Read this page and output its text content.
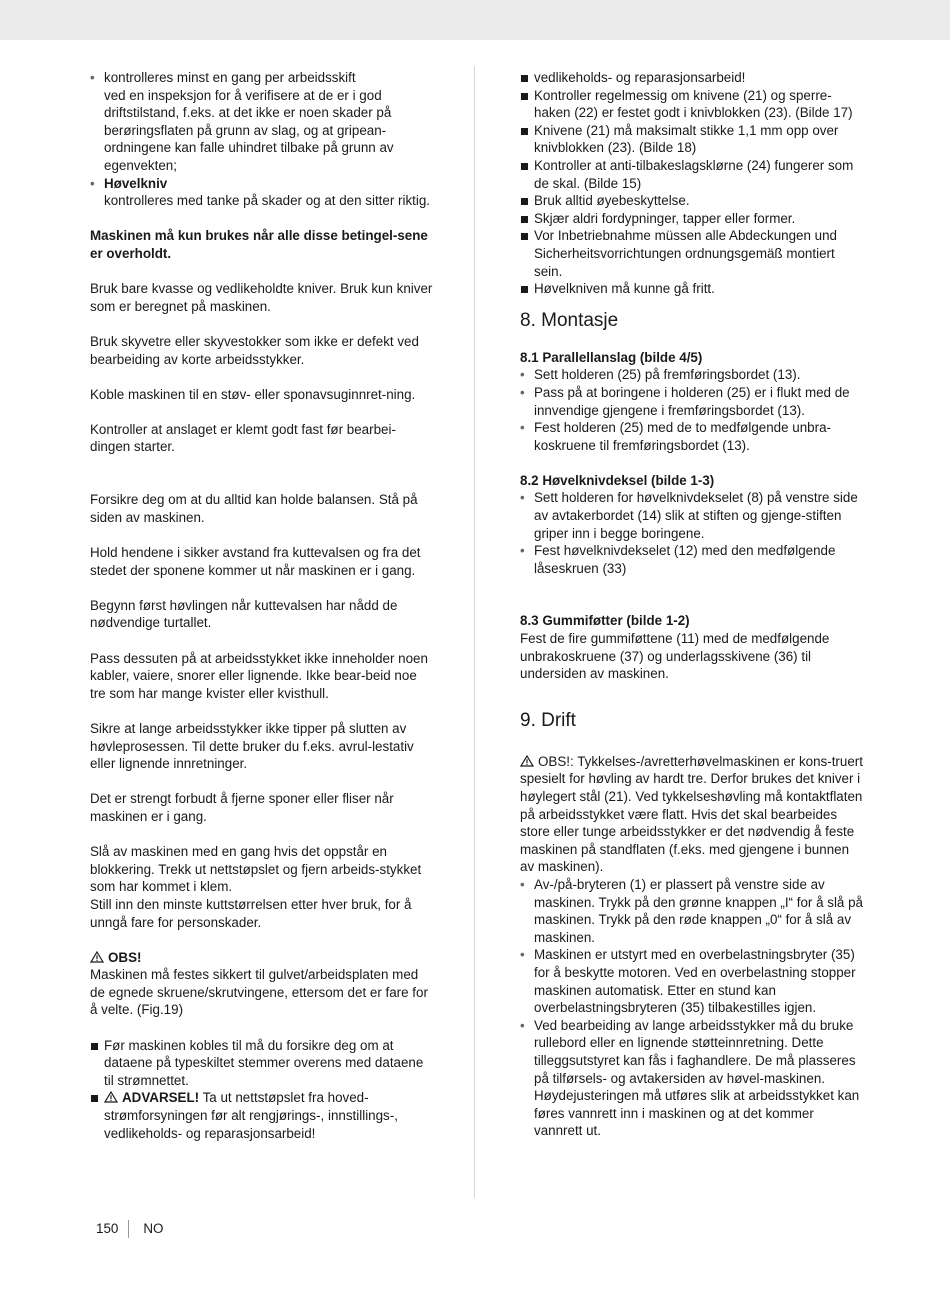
• kontrolleres minst en gang per arbeidsskift

ved en inspeksjon for å verifisere at de er i god driftstilstand, f.eks. at det ikke er noen skader på berøringsflaten på grunn av slag, og at gripean-ordningene kan falle uhindret tilbake på grunn av egenvekten;

• Høvelkniv

kontrolleres med tanke på skader og at den sitter riktig.

Maskinen må kun brukes når alle disse betingel-sene er overholdt.

Bruk bare kvasse og vedlikeholdte kniver. Bruk kun kniver som er beregnet på maskinen.

Bruk skyvetre eller skyvestokker som ikke er defekt ved bearbeiding av korte arbeidsstykker.

Koble maskinen til en støv- eller sponavsuginnret-ning.

Kontroller at anslaget er klemt godt fast før bearbei-dingen starter.

Forsikre deg om at du alltid kan holde balansen. Stå på siden av maskinen.

Hold hendene i sikker avstand fra kuttevalsen og fra det stedet der sponene kommer ut når maskinen er i gang.

Begynn først høvlingen når kuttevalsen har nådd de nødvendige turtallet.

Pass dessuten på at arbeidsstykket ikke inneholder noen kabler, vaiere, snorer eller lignende. Ikke bear-beid noe tre som har mange kvister eller kvisthull.

Sikre at lange arbeidsstykker ikke tipper på slutten av høvleprosessen. Til dette bruker du f.eks. avrul-lestativ eller lignende innretninger.

Det er strengt forbudt å fjerne sponer eller fliser når maskinen er i gang.

Slå av maskinen med en gang hvis det oppstår en blokkering. Trekk ut nettstøpslet og fjern arbeids-stykket som har kommet i klem.

Still inn den minste kuttstørrelsen etter hver bruk, for å unngå fare for personskader.

OBS!

Maskinen må festes sikkert til gulvet/arbeidsplaten med de egnede skruene/skrutvingene, ettersom det er fare for å velte. (Fig.19)

Før maskinen kobles til må du forsikre deg om at dataene på typeskiltet stemmer overens med dataene til strømnettet.
ADVARSEL! Ta ut nettstøpslet fra hoved-strømforsyningen før alt rengjørings-, innstillings-, vedlikeholds- og reparasjonsarbeid!
vedlikeholds- og reparasjonsarbeid!
Kontroller regelmessig om knivene (21) og sperre-haken (22) er festet godt i knivblokken (23). (Bilde 17)
Knivene (21) må maksimalt stikke 1,1 mm opp over knivblokken (23). (Bilde 18)
Kontroller at anti-tilbakeslagsklørne (24) fungerer som de skal. (Bilde 15)
Bruk alltid øyebeskyttelse.
Skjær aldri fordypninger, tapper eller former.
Vor Inbetriebnahme müssen alle Abdeckungen und Sicherheitsvorrichtungen ordnungsgemäß montiert sein.
Høvelkniven må kunne gå fritt.
8. Montasje

8.1 Parallellanslag (bilde 4/5)

• Sett holderen (25) på fremføringsbordet (13).
• Pass på at boringene i holderen (25) er i flukt med de innvendige gjengene i fremføringsbordet (13).
• Fest holderen (25) med de to medfølgende unbra-koskruene til fremføringsbordet (13).

8.2 Høvelknivdeksel (bilde 1-3)

• Sett holderen for høvelknivdekselet (8) på venstre side av avtakerbordet (14) slik at stiften og gjenge-stiften griper inn i begge boringene.
• Fest høvelknivdekselet (12) med den medfølgende låseskruen (33)

8.3 Gummiføtter (bilde 1-2)

Fest de fire gummiføttene (11) med de medfølgende unbrakoskruene (37) og underlagsskivene (36) til undersiden av maskinen.

9. Drift

OBS!: Tykkelses-/avretterhøvelmaskinen er kons-truert spesielt for høvling av hardt tre. Derfor brukes det kniver i høylegert stål (21). Ved tykkelseshøvling må kontaktflaten på arbeidsstykket være flatt. Hvis det skal bearbeides store eller tunge arbeidsstykker er det nødvendig å feste maskinen på standflaten (f.eks. med gjengene i bunnen av maskinen).

• Av-/på-bryteren (1) er plassert på venstre side av maskinen. Trykk på den grønne knappen „I“ for å slå på maskinen. Trykk på den røde knappen „0“ for å slå av maskinen.
• Maskinen er utstyrt med en overbelastningsbryter (35) for å beskytte motoren. Ved en overbelastning stopper maskinen automatisk. Etter en stund kan overbelastningsbryteren (35) tilbakestilles igjen.
• Ved bearbeiding av lange arbeidsstykker må du bruke rullebord eller en lignende støtteinnretning. Dette tilleggsutstyret kan fås i faghandlere. De må plasseres på tilførsels- og avtakersiden av høvel-maskinen. Høydejusteringen må utføres slik at arbeidsstykket kan føres vannrett inn i maskinen og at det kommer vannrett ut.
150 NO
